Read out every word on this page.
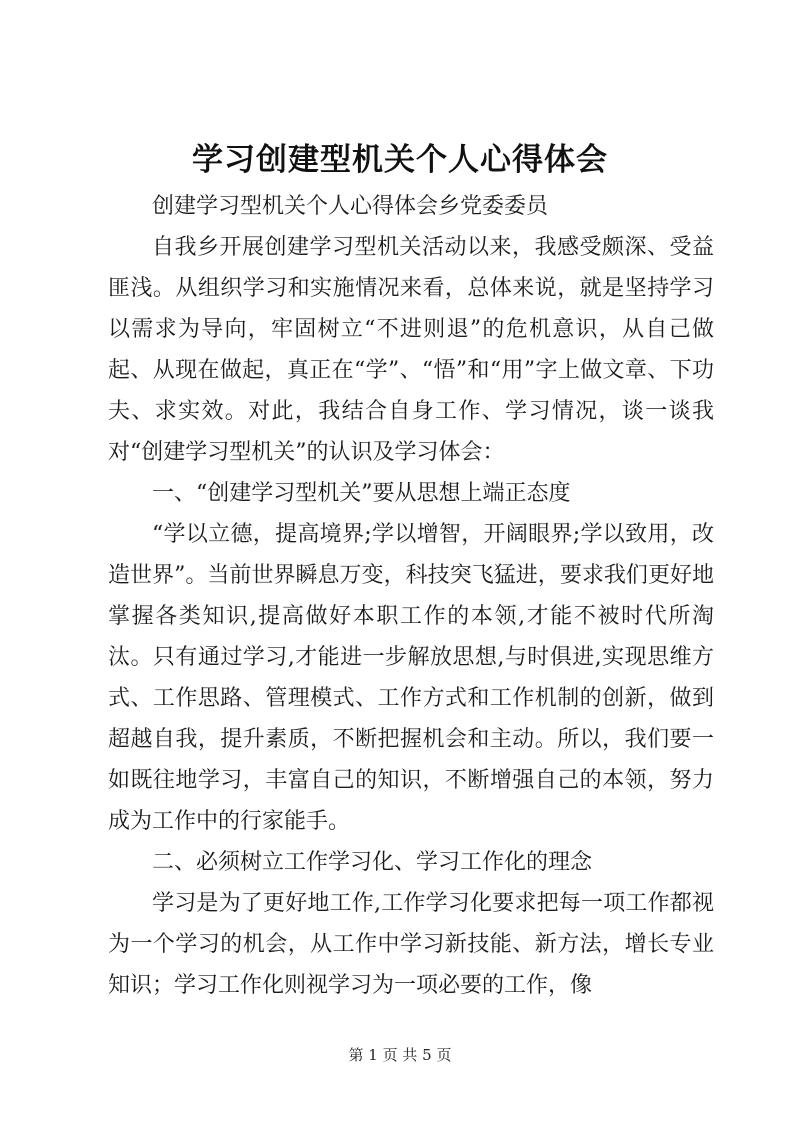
学习创建型机关个人心得体会

创建学习型机关个人心得体会乡党委委员

自我乡开展创建学习型机关活动以来，我感受颇深、受益匪浅。从组织学习和实施情况来看，总体来说，就是坚持学习以需求为导向，牢固树立“不进则退”的危机意识，从自己做起、从现在做起，真正在“学”、“悟”和“用”字上做文章、下功夫、求实效。对此，我结合自身工作、学习情况，谈一谈我对“创建学习型机关”的认识及学习体会：

一、“创建学习型机关”要从思想上端正态度

“学以立德，提高境界;学以增智，开阔眼界;学以致用，改造世界”。当前世界瞬息万变，科技突飞猛进，要求我们更好地掌握各类知识,提高做好本职工作的本领,才能不被时代所淘汰。只有通过学习,才能进一步解放思想,与时俱进,实现思维方式、工作思路、管理模式、工作方式和工作机制的创新，做到超越自我，提升素质，不断把握机会和主动。所以，我们要一如既往地学习，丰富自己的知识，不断增强自己的本领，努力成为工作中的行家能手。

二、必须树立工作学习化、学习工作化的理念

学习是为了更好地工作,工作学习化要求把每一项工作都视为一个学习的机会，从工作中学习新技能、新方法，增长专业知识；学习工作化则视学习为一项必要的工作，像

第 1 页 共 5 页
